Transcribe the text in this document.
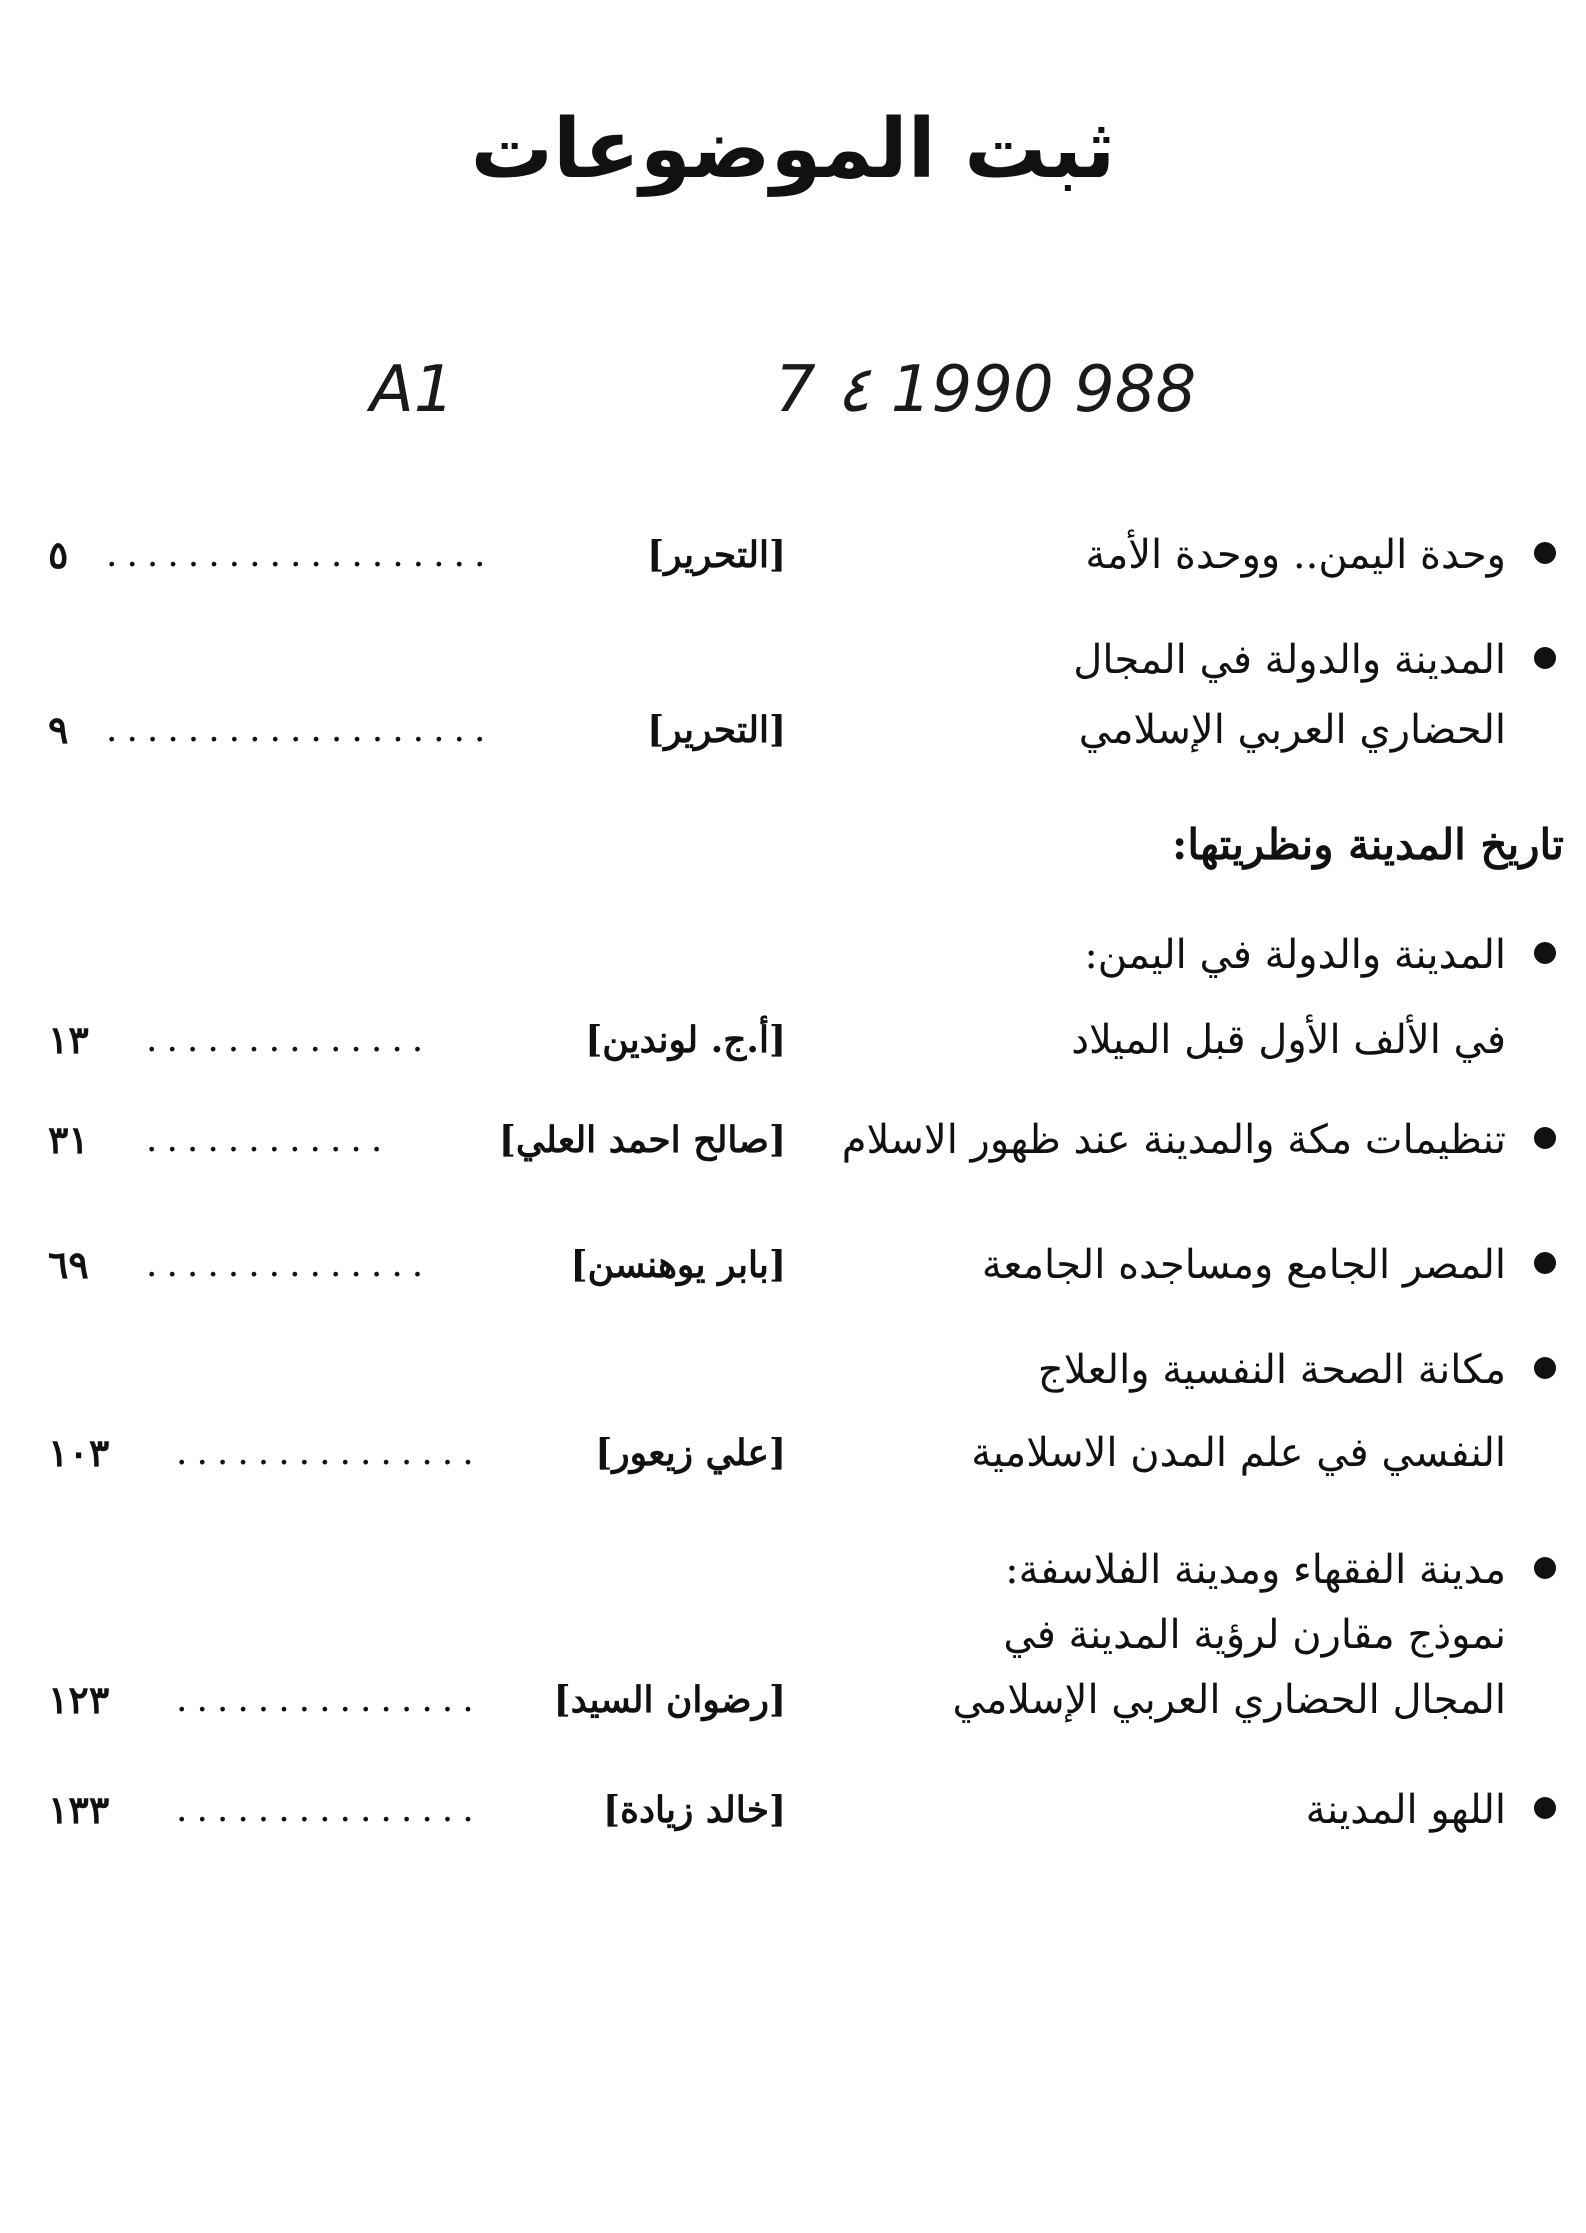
ثبت الموضوعات
A1	7 ٤ 1990 988
وحدة اليمن.. ووحدة الأمة
[التحرير]
...................
٥
المدينة والدولة في المجال
الحضاري العربي الإسلامي
[التحرير]
...................
٩
تاريخ المدينة ونظريتها:
المدينة والدولة في اليمن:
في الألف الأول قبل الميلاد
[أ.ج. لوندين]
..............
١٣
تنظيمات مكة والمدينة عند ظهور الاسلام
[صالح احمد العلي]
............
٣١
المصر الجامع ومساجده الجامعة
[بابر يوهنسن]
..............
٦٩
مكانة الصحة النفسية والعلاج
النفسي في علم المدن الاسلامية
[علي زيعور]
...............
١٠٣
مدينة الفقهاء ومدينة الفلاسفة:
نموذج مقارن لرؤية المدينة في
المجال الحضاري العربي الإسلامي
[رضوان السيد]
...............
١٢٣
اللهو المدينة
[خالد زيادة]
...............
١٣٣
